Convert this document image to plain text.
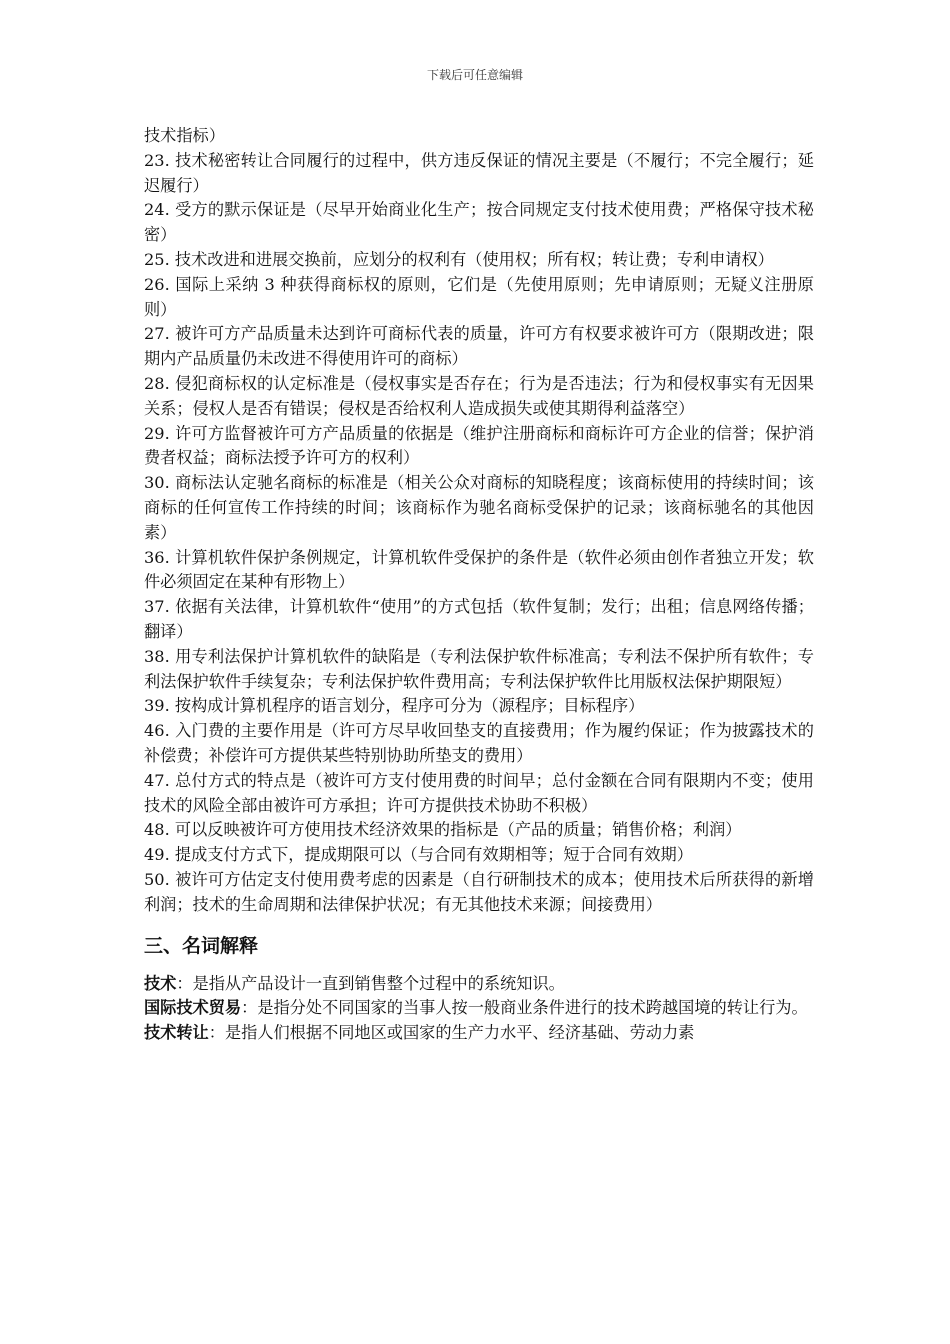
下载后可任意编辑

技术指标）

23. 技术秘密转让合同履行的过程中，供方违反保证的情况主要是（不履行；不完全履行；延迟履行）

24. 受方的默示保证是（尽早开始商业化生产；按合同规定支付技术使用费；严格保守技术秘密）

25. 技术改进和进展交换前，应划分的权利有（使用权；所有权；转让费；专利申请权）

26. 国际上采纳 3 种获得商标权的原则，它们是（先使用原则；先申请原则；无疑义注册原则）

27. 被许可方产品质量未达到许可商标代表的质量，许可方有权要求被许可方（限期改进；限期内产品质量仍未改进不得使用许可的商标）

28. 侵犯商标权的认定标准是（侵权事实是否存在；行为是否违法；行为和侵权事实有无因果关系；侵权人是否有错误；侵权是否给权利人造成损失或使其期得利益落空）

29. 许可方监督被许可方产品质量的依据是（维护注册商标和商标许可方企业的信誉；保护消费者权益；商标法授予许可方的权利）

30. 商标法认定驰名商标的标准是（相关公众对商标的知晓程度；该商标使用的持续时间；该商标的任何宣传工作持续的时间；该商标作为驰名商标受保护的记录；该商标驰名的其他因素）

36. 计算机软件保护条例规定，计算机软件受保护的条件是（软件必须由创作者独立开发；软件必须固定在某种有形物上）

37. 依据有关法律，计算机软件“使用”的方式包括（软件复制；发行；出租；信息网络传播；翻译）

38. 用专利法保护计算机软件的缺陷是（专利法保护软件标准高；专利法不保护所有软件；专利法保护软件手续复杂；专利法保护软件费用高；专利法保护软件比用版权法保护期限短）

39. 按构成计算机程序的语言划分，程序可分为（源程序；目标程序）

46. 入门费的主要作用是（许可方尽早收回垫支的直接费用；作为履约保证；作为披露技术的补偿费；补偿许可方提供某些特别协助所垫支的费用）

47. 总付方式的特点是（被许可方支付使用费的时间早；总付金额在合同有限期内不变；使用技术的风险全部由被许可方承担；许可方提供技术协助不积极）

48. 可以反映被许可方使用技术经济效果的指标是（产品的质量；销售价格；利润）

49. 提成支付方式下，提成期限可以（与合同有效期相等；短于合同有效期）

50. 被许可方估定支付使用费考虑的因素是（自行研制技术的成本；使用技术后所获得的新增利润；技术的生命周期和法律保护状况；有无其他技术来源；间接费用）

三、名词解释

技术：是指从产品设计一直到销售整个过程中的系统知识。

国际技术贸易：是指分处不同国家的当事人按一般商业条件进行的技术跨越国境的转让行为。

技术转让：是指人们根据不同地区或国家的生产力水平、经济基础、劳动力素
